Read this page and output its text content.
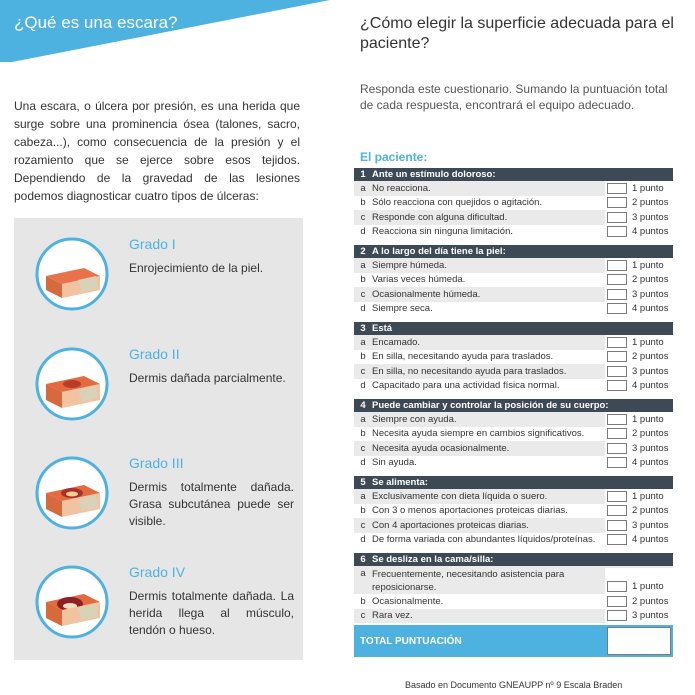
¿Qué es una escara?
Una escara, o úlcera por presión, es una herida que surge sobre una prominencia ósea (talones, sacro, cabeza...), como consecuencia de la presión y el rozamiento que se ejerce sobre esos tejidos. Dependiendo de la gravedad de las lesiones podemos diagnosticar cuatro tipos de úlceras:
Grado I
Enrojecimiento de la piel.
Grado II
Dermis dañada parcialmente.
Grado III
Dermis totalmente dañada. Grasa subcutánea puede ser visible.
Grado IV
Dermis totalmente dañada. La herida llega al músculo, tendón o hueso.
¿Cómo elegir la superficie adecuada para el paciente?
Responda este cuestionario. Sumando la puntuación total de cada respuesta, encontrará el equipo adecuado.
El paciente:
1 Ante un estímulo doloroso:
a No reacciona.	1 punto
b Sólo reacciona con quejidos o agitación.	2 puntos
c Responde con alguna dificultad.	3 puntos
d Reacciona sin ninguna limitación.	4 puntos
2 A lo largo del día tiene la piel:
a Siempre húmeda.	1 punto
b Varias veces húmeda.	2 puntos
c Ocasionalmente húmeda.	3 puntos
d Siempre seca.	4 puntos
3 Está
a Encamado.	1 punto
b En silla, necesitando ayuda para traslados.	2 puntos
c En silla, no necesitando ayuda para traslados.	3 puntos
d Capacitado para una actividad física normal.	4 puntos
4 Puede cambiar y controlar la posición de su cuerpo:
a Siempre con ayuda.	1 punto
b Necesita ayuda siempre en cambios significativos.	2 puntos
c Necesita ayuda ocasionalmente.	3 puntos
d Sin ayuda.	4 puntos
5 Se alimenta:
a Exclusivamente con dieta líquida o suero.	1 punto
b Con 3 o menos aportaciones proteicas diarias.	2 puntos
c Con 4 aportaciones proteicas diarias.	3 puntos
d De forma variada con abundantes líquidos/proteínas.	4 puntos
6 Se desliza en la cama/silla:
a Frecuentemente, necesitando asistencia para reposicionarse.	1 punto
b Ocasionalmente.	2 puntos
c Rara vez.	3 puntos
TOTAL PUNTUACIÓN
Basado en Documento GNEAUPP nº 9 Escala Braden
